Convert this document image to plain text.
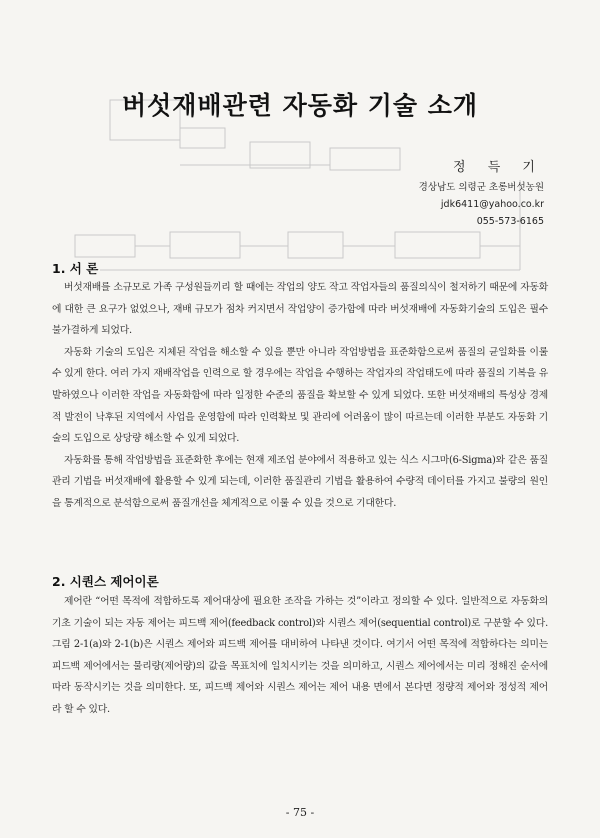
버섯재배관련 자동화 기술 소개
정 득 기
경상남도 의령군 초롱버섯농원
jdk6411@yahoo.co.kr
055-573-6165
1. 서 론

버섯재배를 소규모로 가족 구성원들끼리 할 때에는 작업의 양도 작고 작업자들의 품질의식이 철저하기 때문에 자동화에 대한 큰 요구가 없었으나, 재배 규모가 점차 커지면서 작업양이 증가함에 따라 버섯재배에 자동화기술의 도입은 필수불가결하게 되었다.

자동화 기술의 도입은 지체된 작업을 해소할 수 있을 뿐만 아니라 작업방법을 표준화함으로써 품질의 균일화를 이룰 수 있게 한다. 여러 가지 재배작업을 인력으로 할 경우에는 작업을 수행하는 작업자의 작업태도에 따라 품질의 기복을 유발하였으나 이러한 작업을 자동화함에 따라 일정한 수준의 품질을 확보할 수 있게 되었다. 또한 버섯재배의 특성상 경제적 발전이 낙후된 지역에서 사업을 운영함에 따라 인력확보 및 관리에 어려움이 많이 따르는데 이러한 부분도 자동화 기술의 도입으로 상당량 해소할 수 있게 되었다.

자동화를 통해 작업방법을 표준화한 후에는 현재 제조업 분야에서 적용하고 있는 식스 시그마(6-Sigma)와 같은 품질관리 기법을 버섯재배에 활용할 수 있게 되는데, 이러한 품질관리 기법을 활용하여 수량적 데이터를 가지고 불량의 원인을 통계적으로 분석함으로써 품질개선을 체계적으로 이룰 수 있을 것으로 기대한다.

2. 시퀀스 제어이론

제어란 “어떤 목적에 적합하도록 제어대상에 필요한 조작을 가하는 것”이라고 정의할 수 있다. 일반적으로 자동화의 기초 기술이 되는 자동 제어는 피드백 제어(feedback control)와 시퀀스 제어(sequential control)로 구분할 수 있다. 그림 2-1(a)와 2-1(b)은 시퀀스 제어와 피드백 제어를 대비하여 나타낸 것이다. 여기서 어떤 목적에 적합하다는 의미는 피드백 제어에서는 물리량(제어량)의 값을 목표치에 일치시키는 것을 의미하고, 시퀀스 제어에서는 미리 정해진 순서에 따라 동작시키는 것을 의미한다. 또, 피드백 제어와 시퀀스 제어는 제어 내용 면에서 본다면 정량적 제어와 정성적 제어라 할 수 있다.

- 75 -
